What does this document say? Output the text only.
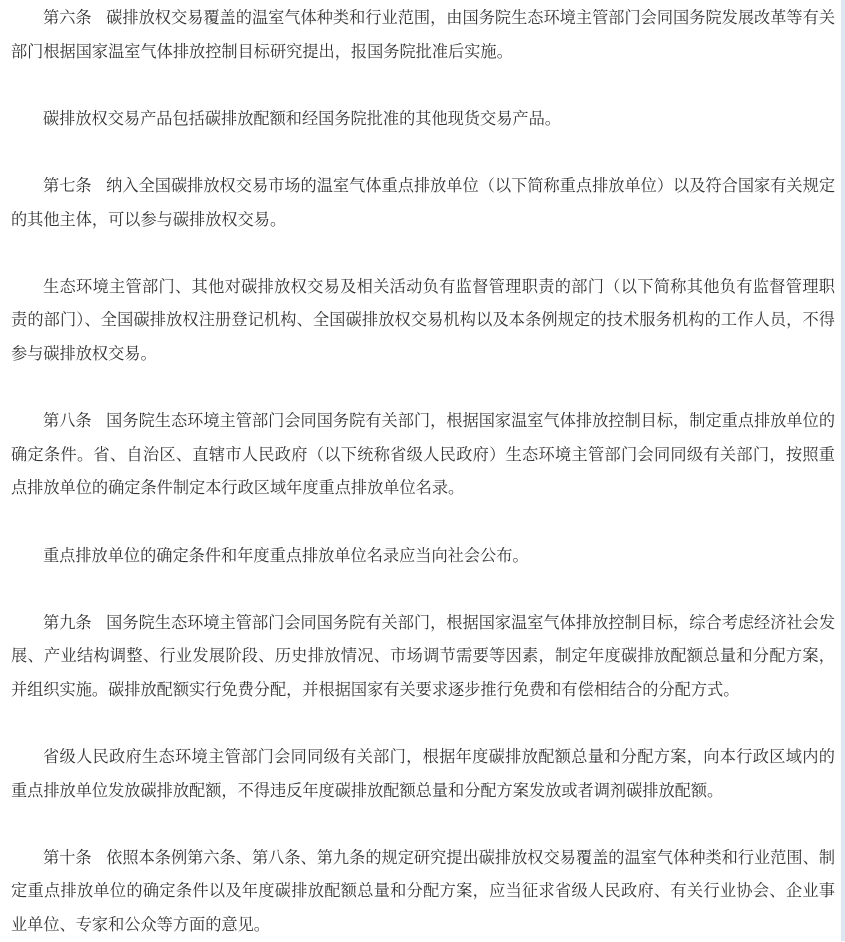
第六条 碳排放权交易覆盖的温室气体种类和行业范围，由国务院生态环境主管部门会同国务院发展改革等有关部门根据国家温室气体排放控制目标研究提出，报国务院批准后实施。

碳排放权交易产品包括碳排放配额和经国务院批准的其他现货交易产品。

第七条 纳入全国碳排放权交易市场的温室气体重点排放单位（以下简称重点排放单位）以及符合国家有关规定的其他主体，可以参与碳排放权交易。

生态环境主管部门、其他对碳排放权交易及相关活动负有监督管理职责的部门（以下简称其他负有监督管理职责的部门）、全国碳排放权注册登记机构、全国碳排放权交易机构以及本条例规定的技术服务机构的工作人员，不得参与碳排放权交易。

第八条 国务院生态环境主管部门会同国务院有关部门，根据国家温室气体排放控制目标，制定重点排放单位的确定条件。省、自治区、直辖市人民政府（以下统称省级人民政府）生态环境主管部门会同同级有关部门，按照重点排放单位的确定条件制定本行政区域年度重点排放单位名录。

重点排放单位的确定条件和年度重点排放单位名录应当向社会公布。

第九条 国务院生态环境主管部门会同国务院有关部门，根据国家温室气体排放控制目标，综合考虑经济社会发展、产业结构调整、行业发展阶段、历史排放情况、市场调节需要等因素，制定年度碳排放配额总量和分配方案，并组织实施。碳排放配额实行免费分配，并根据国家有关要求逐步推行免费和有偿相结合的分配方式。

省级人民政府生态环境主管部门会同同级有关部门，根据年度碳排放配额总量和分配方案，向本行政区域内的重点排放单位发放碳排放配额，不得违反年度碳排放配额总量和分配方案发放或者调剂碳排放配额。

第十条 依照本条例第六条、第八条、第九条的规定研究提出碳排放权交易覆盖的温室气体种类和行业范围、制定重点排放单位的确定条件以及年度碳排放配额总量和分配方案，应当征求省级人民政府、有关行业协会、企业事业单位、专家和公众等方面的意见。
